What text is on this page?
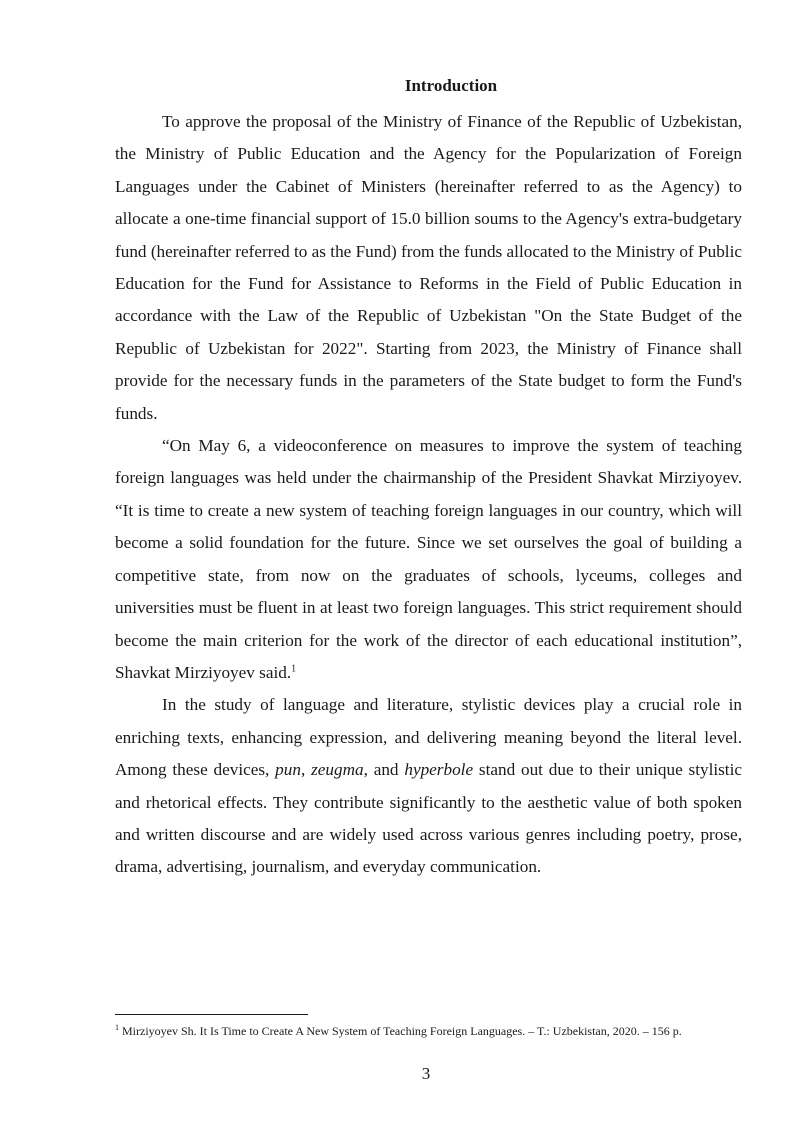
Introduction

To approve the proposal of the Ministry of Finance of the Republic of Uzbekistan, the Ministry of Public Education and the Agency for the Popularization of Foreign Languages under the Cabinet of Ministers (hereinafter referred to as the Agency) to allocate a one-time financial support of 15.0 billion soums to the Agency's extra-budgetary fund (hereinafter referred to as the Fund) from the funds allocated to the Ministry of Public Education for the Fund for Assistance to Reforms in the Field of Public Education in accordance with the Law of the Republic of Uzbekistan "On the State Budget of the Republic of Uzbekistan for 2022". Starting from 2023, the Ministry of Finance shall provide for the necessary funds in the parameters of the State budget to form the Fund's funds.

“On May 6, a videoconference on measures to improve the system of teaching foreign languages was held under the chairmanship of the President Shavkat Mirziyoyev. “It is time to create a new system of teaching foreign languages in our country, which will become a solid foundation for the future. Since we set ourselves the goal of building a competitive state, from now on the graduates of schools, lyceums, colleges and universities must be fluent in at least two foreign languages. This strict requirement should become the main criterion for the work of the director of each educational institution”, Shavkat Mirziyoyev said.$^1$

In the study of language and literature, stylistic devices play a crucial role in enriching texts, enhancing expression, and delivering meaning beyond the literal level. Among these devices, pun, zeugma, and hyperbole stand out due to their unique stylistic and rhetorical effects. They contribute significantly to the aesthetic value of both spoken and written discourse and are widely used across various genres including poetry, prose, drama, advertising, journalism, and everyday communication.

$^1$ Mirziyoyev Sh. It Is Time to Create A New System of Teaching Foreign Languages. – T.: Uzbekistan, 2020. – 156 p.
3
